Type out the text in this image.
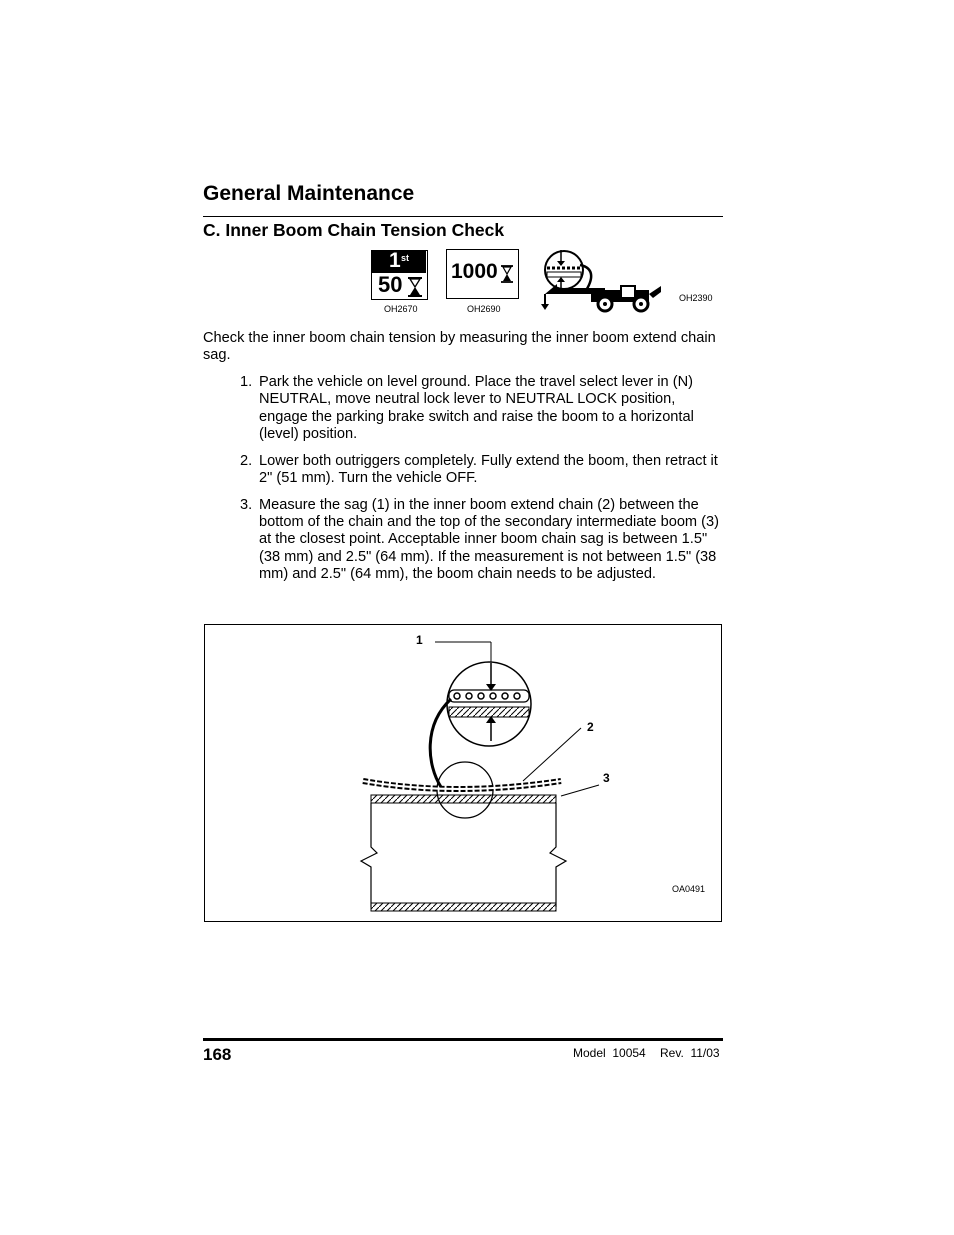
General Maintenance
C. Inner Boom Chain Tension Check
1 st
50
OH2670
1000
OH2690
OH2390

Check the inner boom chain tension by measuring the inner boom extend chain sag.

1. Park the vehicle on level ground. Place the travel select lever in (N) NEUTRAL, move neutral lock lever to NEUTRAL LOCK position, engage the parking brake switch and raise the boom to a horizontal (level) position.
2. Lower both outriggers completely. Fully extend the boom, then retract it 2" (51 mm). Turn the vehicle OFF.
3. Measure the sag (1) in the inner boom extend chain (2) between the bottom of the chain and the top of the secondary intermediate boom (3) at the closest point. Acceptable inner boom chain sag is between 1.5" (38 mm) and 2.5" (64 mm). If the measurement is not between 1.5" (38 mm) and 2.5" (64 mm), the boom chain needs to be adjusted.
1
2
3
OA0491
168	Model  10054 Rev.  11/03
